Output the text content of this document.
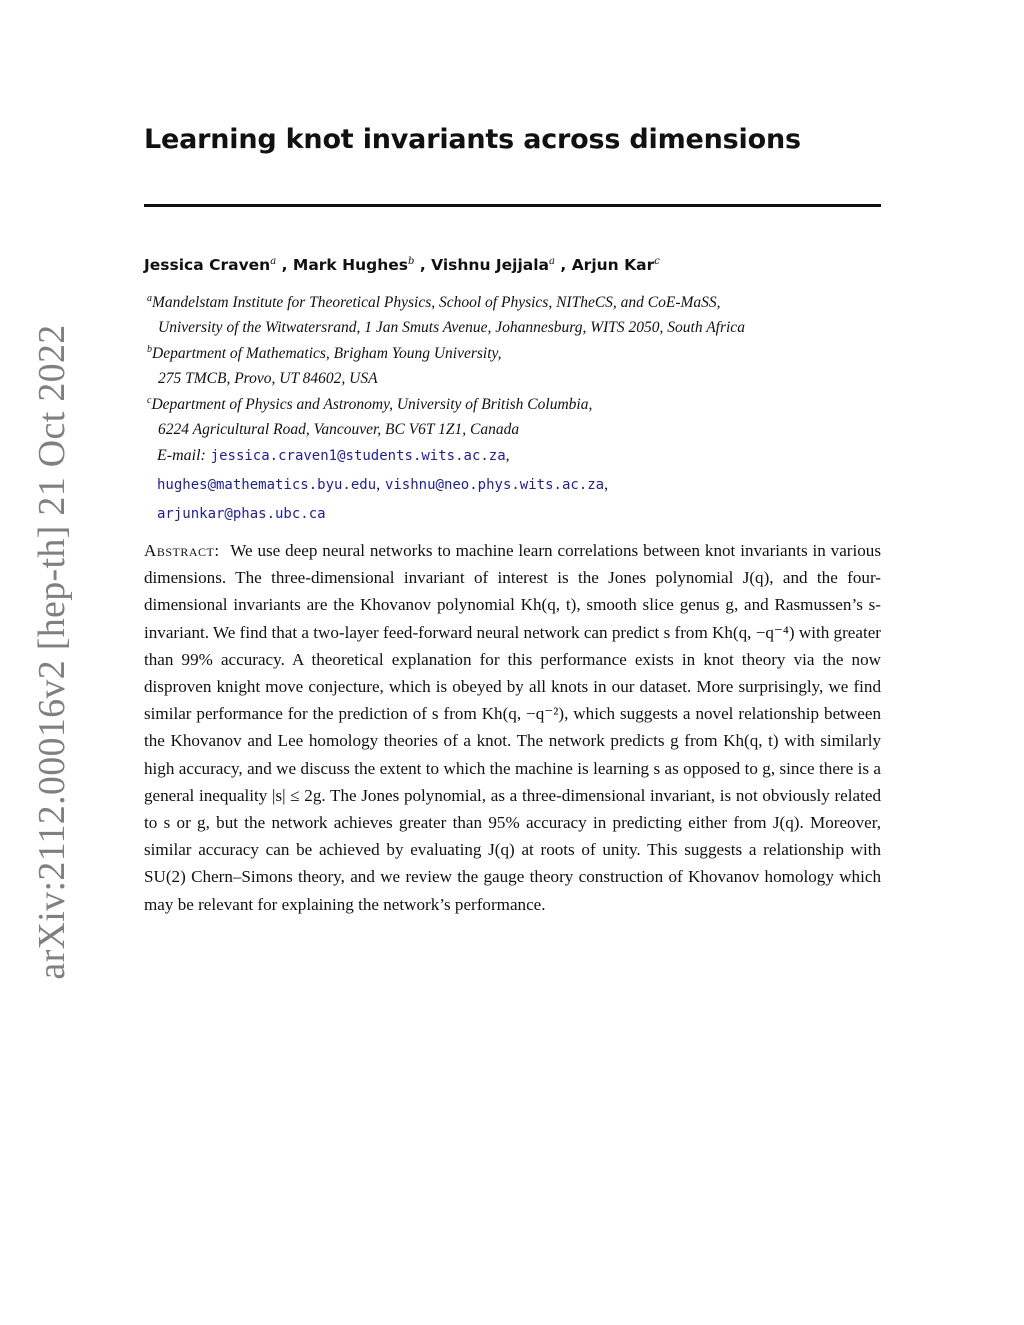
arXiv:2112.00016v2 [hep-th] 21 Oct 2022
Learning knot invariants across dimensions
Jessica Craven$^a$ , Mark Hughes$^b$ , Vishnu Jejjala$^a$ , Arjun Kar$^c$
$^a$Mandelstam Institute for Theoretical Physics, School of Physics, NITheCS, and CoE-MaSS,
University of the Witwatersrand, 1 Jan Smuts Avenue, Johannesburg, WITS 2050, South Africa
$^b$Department of Mathematics, Brigham Young University,
275 TMCB, Provo, UT 84602, USA
$^c$Department of Physics and Astronomy, University of British Columbia,
6224 Agricultural Road, Vancouver, BC V6T 1Z1, Canada
E-mail: jessica.craven1@students.wits.ac.za,
hughes@mathematics.byu.edu, vishnu@neo.phys.wits.ac.za,
arjunkar@phas.ubc.ca
Abstract: We use deep neural networks to machine learn correlations between knot invariants in various dimensions. The three-dimensional invariant of interest is the Jones polynomial J(q), and the four-dimensional invariants are the Khovanov polynomial Kh(q, t), smooth slice genus g, and Rasmussen’s s-invariant. We find that a two-layer feed-forward neural network can predict s from Kh(q, −q⁻⁴) with greater than 99% accuracy. A theoretical explanation for this performance exists in knot theory via the now disproven knight move conjecture, which is obeyed by all knots in our dataset. More surprisingly, we find similar performance for the prediction of s from Kh(q, −q⁻²), which suggests a novel relationship between the Khovanov and Lee homology theories of a knot. The network predicts g from Kh(q, t) with similarly high accuracy, and we discuss the extent to which the machine is learning s as opposed to g, since there is a general inequality |s| ≤ 2g. The Jones polynomial, as a three-dimensional invariant, is not obviously related to s or g, but the network achieves greater than 95% accuracy in predicting either from J(q). Moreover, similar accuracy can be achieved by evaluating J(q) at roots of unity. This suggests a relationship with SU(2) Chern–Simons theory, and we review the gauge theory construction of Khovanov homology which may be relevant for explaining the network’s performance.
